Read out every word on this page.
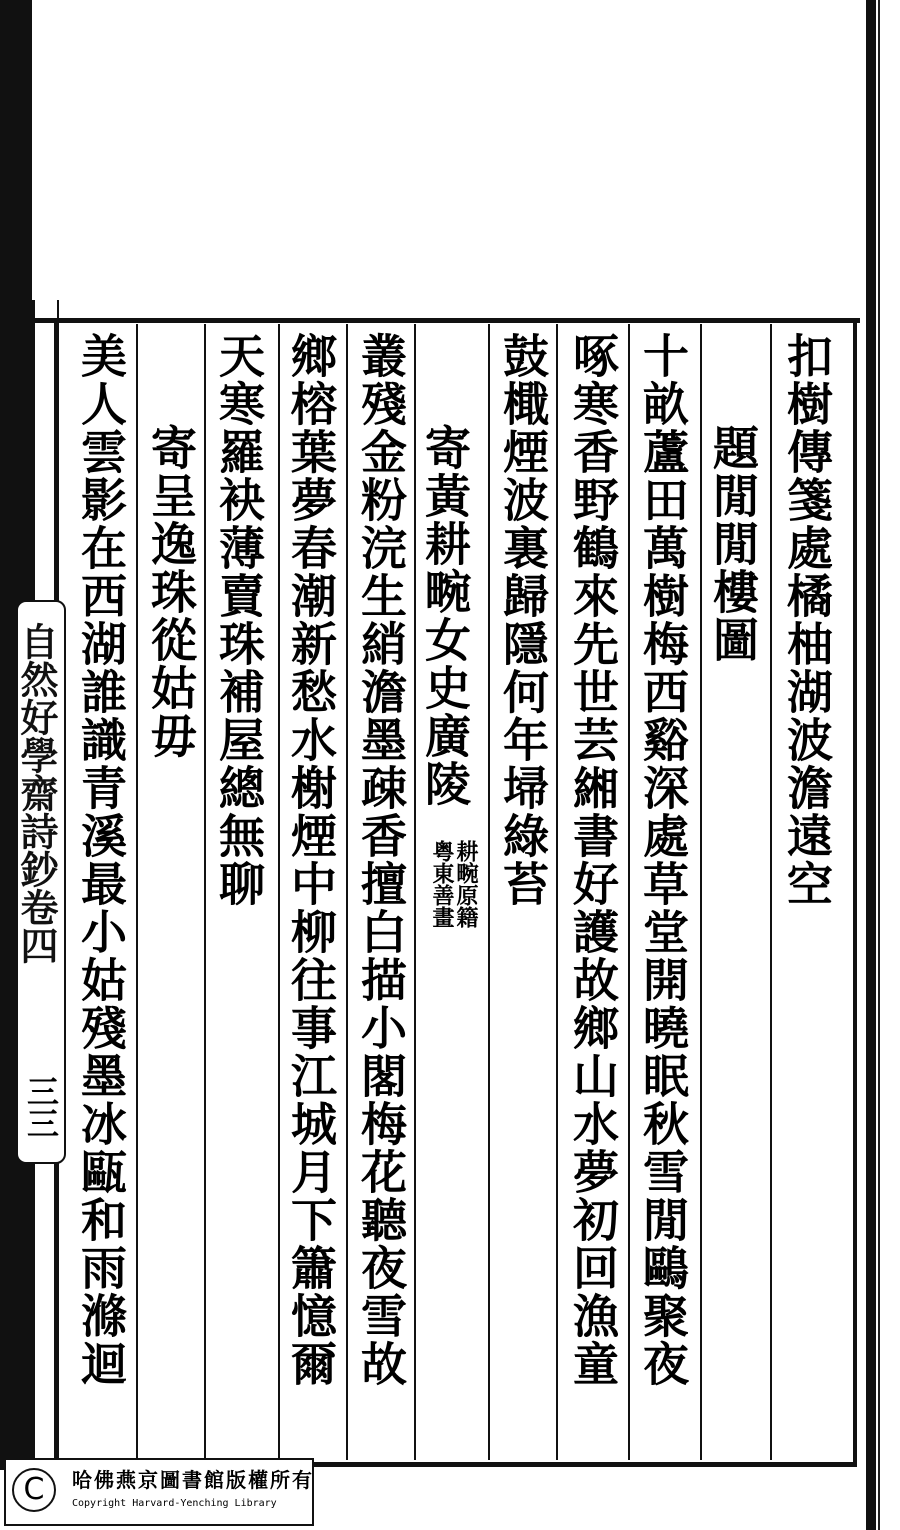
扣樹傳箋處橘柚湖波澹遠空
題閒閒樓圖
十畝蘆田萬樹梅西谿深處草堂開曉眠秋雪閒鷗聚夜
啄寒香野鶴來先世芸緗書好護故鄉山水夢初回漁童
鼓檝煙波裏歸隱何年埽綠苔
寄黃耕畹女史廣陵
耕畹原籍
粤東善畫
叢殘金粉浣生綃澹墨疎香擅白描小閣梅花聽夜雪故
鄉榕葉夢春潮新愁水榭煙中柳往事江城月下簫憶爾
天寒羅袂薄賣珠補屋總無聊
寄呈逸珠從姑毋
美人雲影在西湖誰識青溪最小姑殘墨冰甌和雨滌迴
自然好學齋詩鈔卷四
三三
C	哈佛燕京圖書館版權所有
Copyright Harvard-Yenching Library
